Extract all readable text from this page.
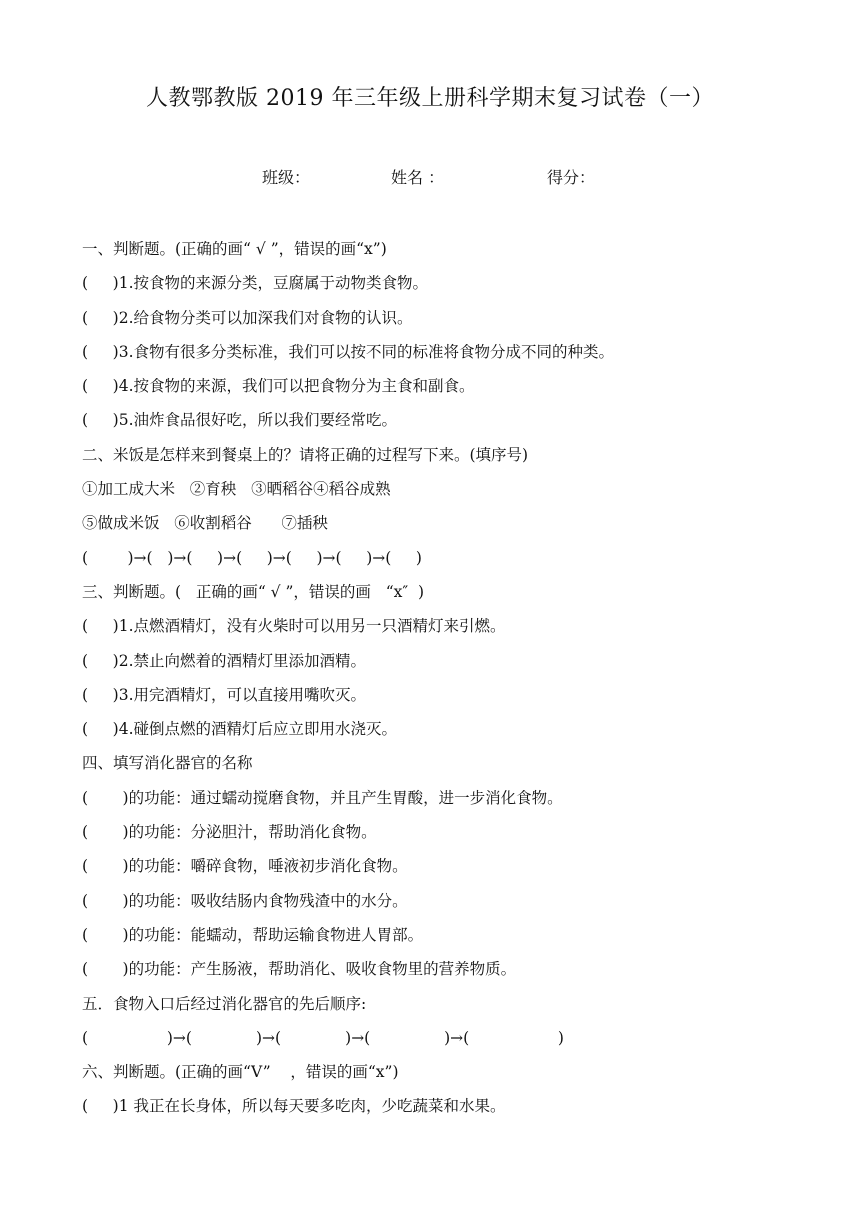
人教鄂教版 2019 年三年级上册科学期末复习试卷（一）
班级：	姓名 ：	得分：
一、判断题。(正确的画“ √ ”，错误的画“x”)
(     )1.按食物的来源分类，豆腐属于动物类食物。
(     )2.给食物分类可以加深我们对食物的认识。
(     )3.食物有很多分类标准，我们可以按不同的标准将食物分成不同的种类。
(     )4.按食物的来源，我们可以把食物分为主食和副食。
(     )5.油炸食品很好吃，所以我们要经常吃。
二、米饭是怎样来到餐桌上的？请将正确的过程写下来。(填序号)
①加工成大米   ②育秧   ③晒稻谷④稻谷成熟
⑤做成米饭   ⑥收割稻谷      ⑦插秧
(        )→(   )→(     )→(     )→(     )→(     )→(     )
三、判断题。(   正确的画“ √ ”，错误的画   “x″  )
(     )1.点燃酒精灯，没有火柴时可以用另一只酒精灯来引燃。
(     )2.禁止向燃着的酒精灯里添加酒精。
(     )3.用完酒精灯，可以直接用嘴吹灭。
(     )4.碰倒点燃的酒精灯后应立即用水浇灭。
四、填写消化器官的名称
(       )的功能：通过蠕动搅磨食物，并且产生胃酸，进一步消化食物。
(       )的功能：分泌胆汁，帮助消化食物。
(       )的功能：嚼碎食物，唾液初步消化食物。
(       )的功能：吸收结肠内食物残渣中的水分。
(       )的功能：能蠕动，帮助运输食物进人胃部。
(       )的功能：产生肠液，帮助消化、吸收食物里的营养物质。
五．食物入口后经过消化器官的先后顺序:
(                )→(             )→(             )→(               )→(                  )
六、判断题。(正确的画“V”    ，错误的画“x”)
(     )1 我正在长身体，所以每天要多吃肉，少吃蔬菜和水果。
